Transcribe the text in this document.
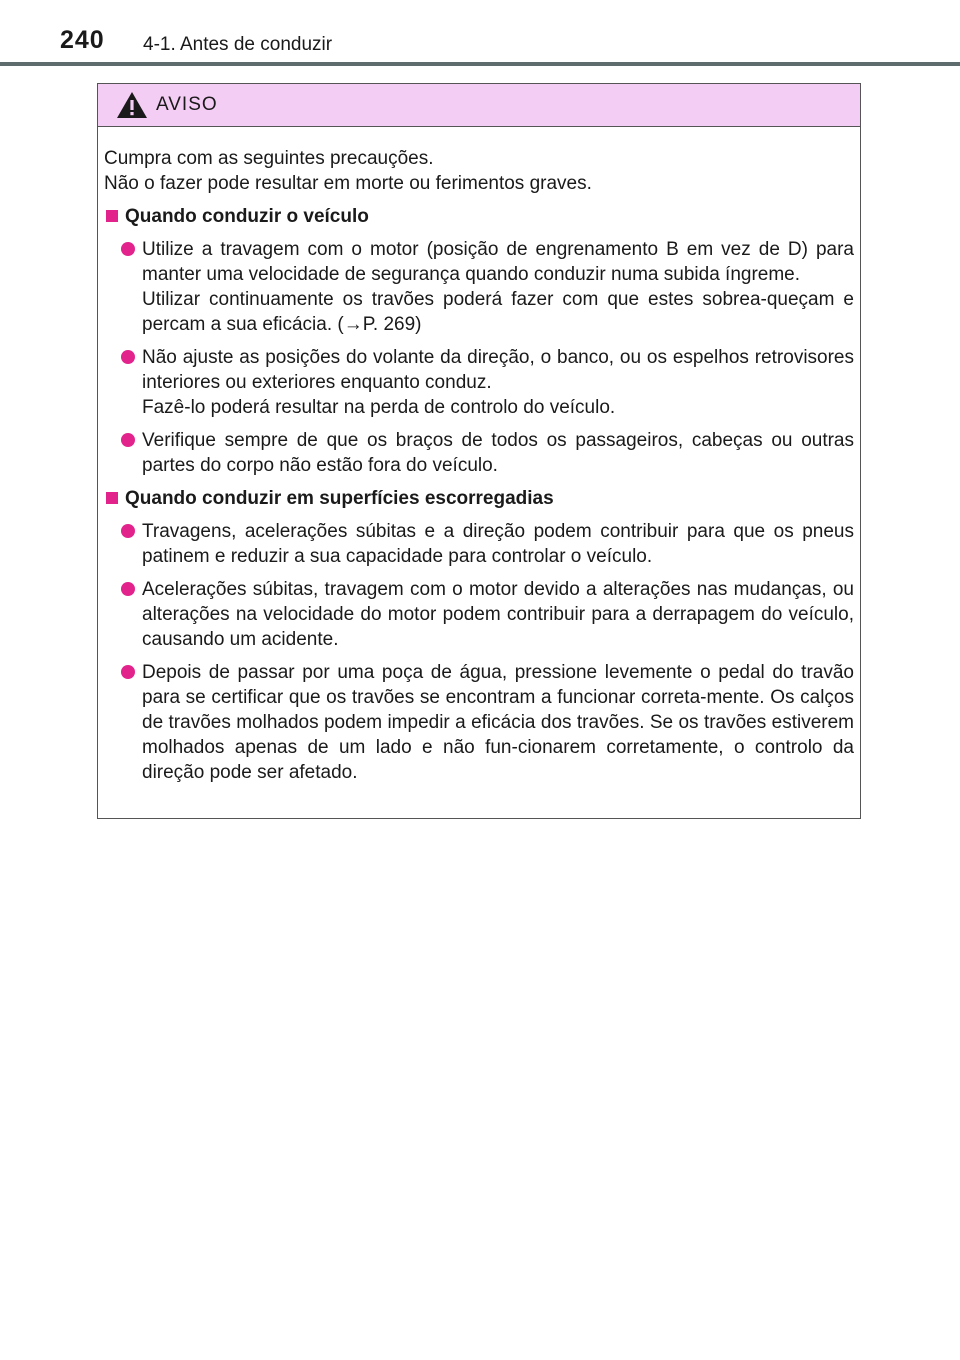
240 4-1. Antes de conduzir
AVISO

Cumpra com as seguintes precauções.

Não o fazer pode resultar em morte ou ferimentos graves.

Quando conduzir o veículo

Utilize a travagem com o motor (posição de engrenamento B em vez de D) para manter uma velocidade de segurança quando conduzir numa subida íngreme.

Utilizar continuamente os travões poderá fazer com que estes sobrea-queçam e percam a sua eficácia. (→P. 269)

Não ajuste as posições do volante da direção, o banco, ou os espelhos retrovisores interiores ou exteriores enquanto conduz.

Fazê-lo poderá resultar na perda de controlo do veículo.

Verifique sempre de que os braços de todos os passageiros, cabeças ou outras partes do corpo não estão fora do veículo.

Quando conduzir em superfícies escorregadias

Travagens, acelerações súbitas e a direção podem contribuir para que os pneus patinem e reduzir a sua capacidade para controlar o veículo.

Acelerações súbitas, travagem com o motor devido a alterações nas mudanças, ou alterações na velocidade do motor podem contribuir para a derrapagem do veículo, causando um acidente.

Depois de passar por uma poça de água, pressione levemente o pedal do travão para se certificar que os travões se encontram a funcionar correta-mente. Os calços de travões molhados podem impedir a eficácia dos travões. Se os travões estiverem molhados apenas de um lado e não fun-cionarem corretamente, o controlo da direção pode ser afetado.
